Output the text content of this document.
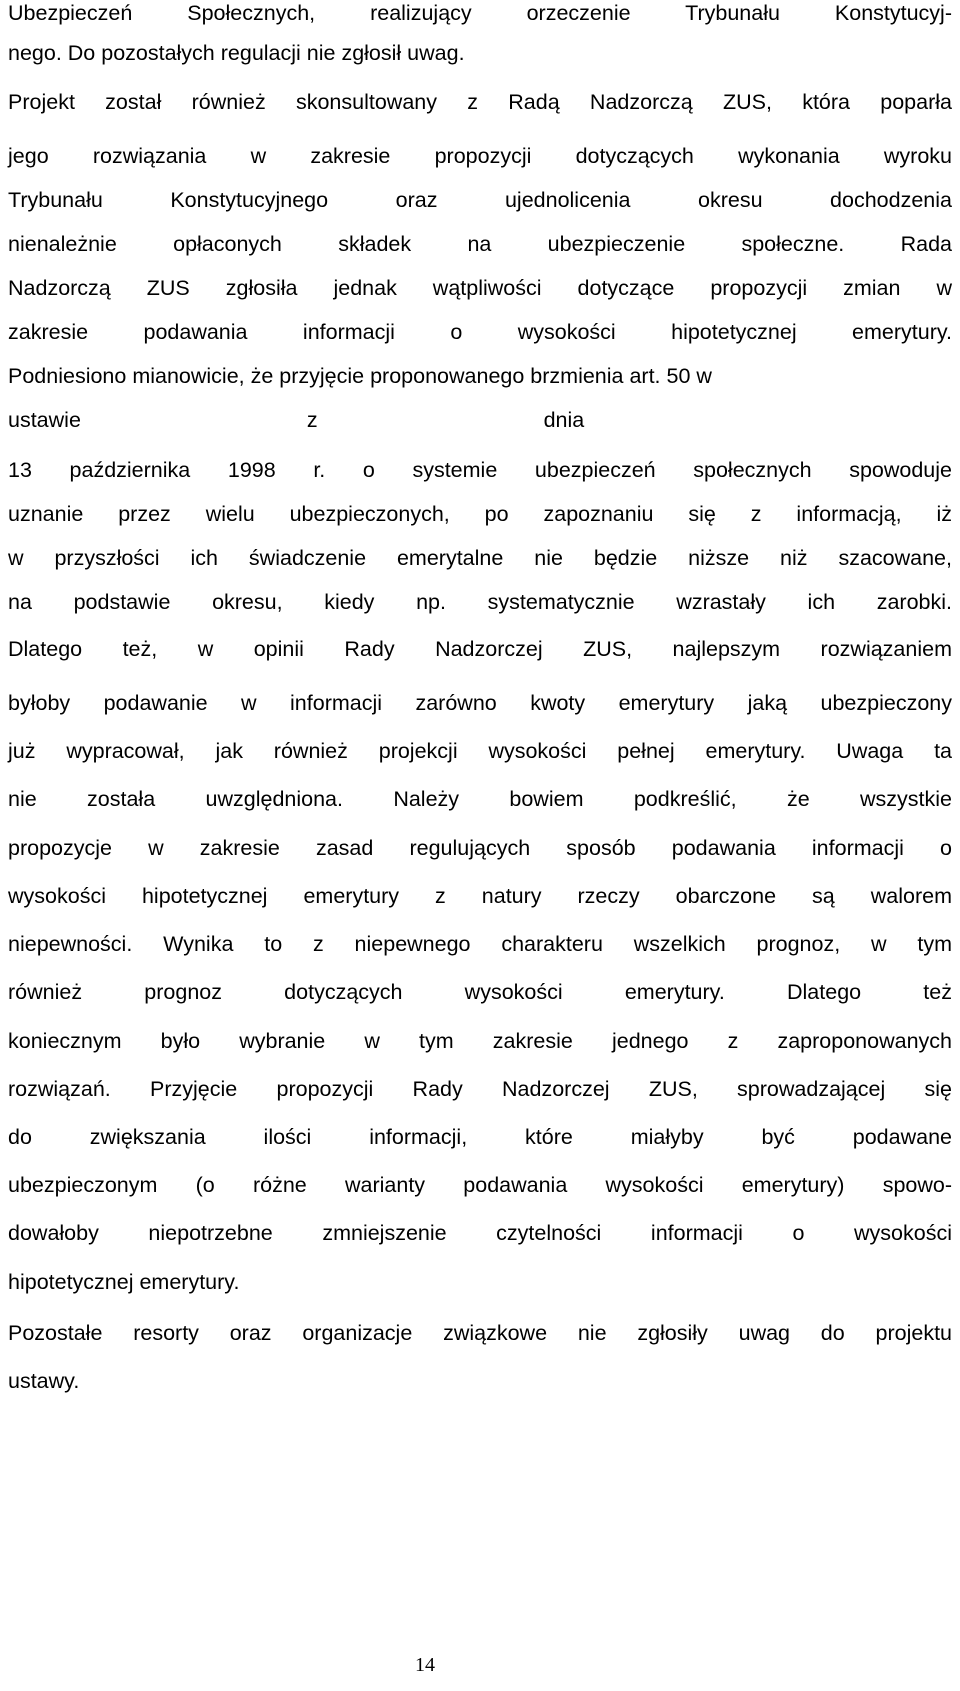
Ubezpieczeń Społecznych, realizujący orzeczenie Trybunału Konstytucyj-
nego. Do pozostałych regulacji nie zgłosił uwag.
Projekt został również skonsultowany z Radą Nadzorczą ZUS, która poparła
jego rozwiązania w zakresie propozycji dotyczących wykonania wyroku
Trybunału Konstytucyjnego oraz ujednolicenia okresu dochodzenia
nienależnie opłaconych składek na ubezpieczenie społeczne. Rada
Nadzorczą ZUS zgłosiła jednak wątpliwości dotyczące propozycji zmian w
zakresie podawania informacji o wysokości hipotetycznej emerytury.
Podniesiono mianowicie, że przyjęcie proponowanego brzmienia art. 50 w
ustawie z dnia
13 października 1998 r. o systemie ubezpieczeń społecznych spowoduje
uznanie przez wielu ubezpieczonych, po zapoznaniu się z informacją, iż
w przyszłości ich świadczenie emerytalne nie będzie niższe niż szacowane,
na podstawie okresu, kiedy np. systematycznie wzrastały ich zarobki.
Dlatego też, w opinii Rady Nadzorczej ZUS, najlepszym rozwiązaniem
byłoby podawanie w informacji zarówno kwoty emerytury jaką ubezpieczony
już wypracował, jak również projekcji wysokości pełnej emerytury. Uwaga ta
nie została uwzględniona. Należy bowiem podkreślić, że wszystkie
propozycje w zakresie zasad regulujących sposób podawania informacji o
wysokości hipotetycznej emerytury z natury rzeczy obarczone są walorem
niepewności. Wynika to z niepewnego charakteru wszelkich prognoz, w tym
również prognoz dotyczących wysokości emerytury. Dlatego też
koniecznym było wybranie w tym zakresie jednego z zaproponowanych
rozwiązań. Przyjęcie propozycji Rady Nadzorczej ZUS, sprowadzającej się
do zwiększania ilości informacji, które miałyby być podawane
ubezpieczonym (o różne warianty podawania wysokości emerytury) spowo-
dowałoby niepotrzebne zmniejszenie czytelności informacji o wysokości
hipotetycznej emerytury.
Pozostałe resorty oraz organizacje związkowe nie zgłosiły uwag do projektu
ustawy.
14
